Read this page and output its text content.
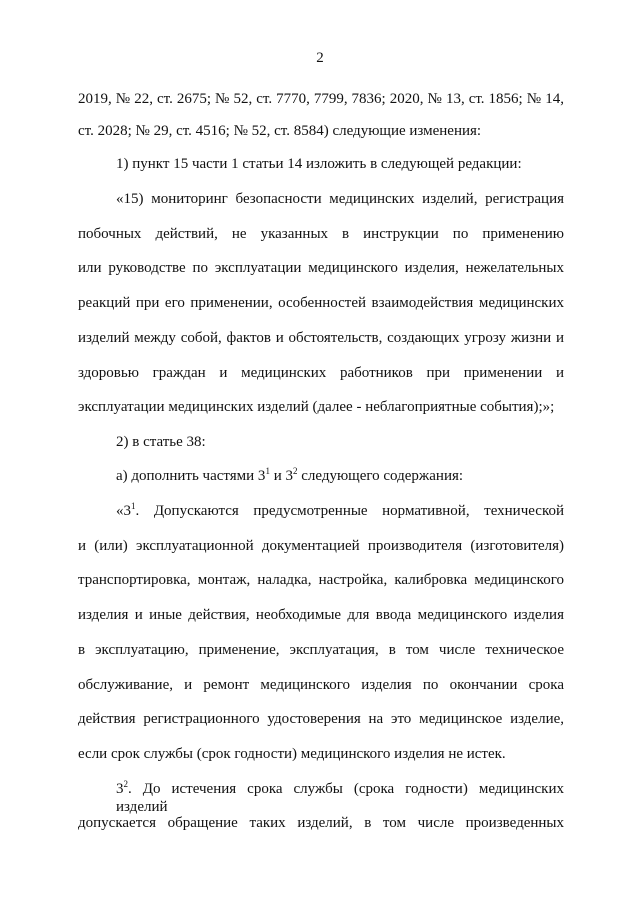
2
2019, № 22, ст. 2675; № 52, ст. 7770, 7799, 7836; 2020, № 13, ст. 1856; № 14,
ст. 2028; № 29, ст. 4516; № 52, ст. 8584) следующие изменения:
1) пункт 15 части 1 статьи 14 изложить в следующей редакции:
«15) мониторинг безопасности медицинских изделий, регистрация
побочных действий, не указанных в инструкции по применению
или руководстве по эксплуатации медицинского изделия, нежелательных
реакций при его применении, особенностей взаимодействия медицинских
изделий между собой, фактов и обстоятельств, создающих угрозу жизни и
здоровью граждан и медицинских работников при применении и
эксплуатации медицинских изделий (далее - неблагоприятные события);»;
2) в статье 38:
а) дополнить частями $3^1$ и $3^2$ следующего содержания:
«$3^1$. Допускаются предусмотренные нормативной, технической
и (или) эксплуатационной документацией производителя (изготовителя)
транспортировка, монтаж, наладка, настройка, калибровка медицинского
изделия и иные действия, необходимые для ввода медицинского изделия
в эксплуатацию, применение, эксплуатация, в том числе техническое
обслуживание, и ремонт медицинского изделия по окончании срока
действия регистрационного удостоверения на это медицинское изделие,
если срок службы (срок годности) медицинского изделия не истек.
$3^2$. До истечения срока службы (срока годности) медицинских изделий
допускается обращение таких изделий, в том числе произведенных
